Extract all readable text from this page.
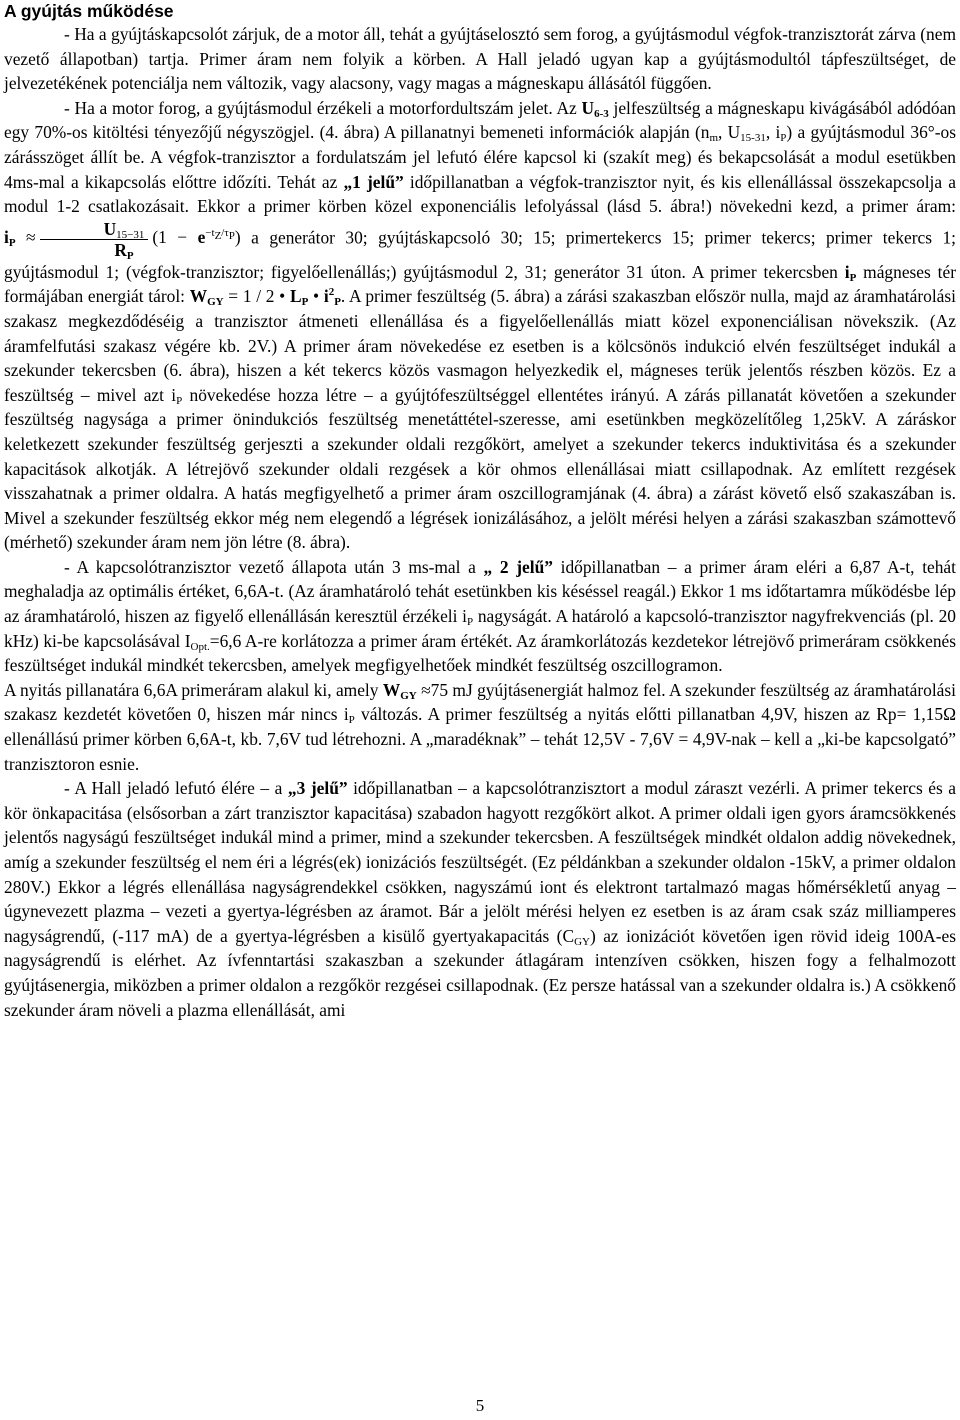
A gyújtás működése

- Ha a gyújtáskapcsolót zárjuk, de a motor áll, tehát a gyújtáselosztó sem forog, a gyújtásmodul végfok-tranzisztorát zárva (nem vezető állapotban) tartja. Primer áram nem folyik a körben. A Hall jeladó ugyan kap a gyújtásmodultól tápfeszültséget, de jelvezetékének potenciálja nem változik, vagy alacsony, vagy magas a mágneskapu állásától függően.

- Ha a motor forog, a gyújtásmodul érzékeli a motorfordultszám jelet. Az $U_{6-3}$ jelfeszültség a mágneskapu kivágásából adódóan egy 70%-os kitöltési tényezőjű négyszögjel. (4. ábra) A pillanatnyi bemeneti információk alapján ($n_m$, $U_{15-31}$, $i_P$) a gyújtásmodul 36°-os zárásszöget állít be. A végfok-tranzisztor a fordulatszám jel lefutó élére kapcsol ki (szakít meg) és bekapcsolását a modul esetükben 4ms-mal a kikapcsolás előttre időzíti. Tehát az „1 jelű” időpillanatban a végfok-tranzisztor nyit, és kis ellenállással összekapcsolja a modul 1-2 csatlakozásait. Ekkor a primer körben közel exponenciális lefolyással (lásd 5. ábra!) növekedni kezd, a primer áram: $i_P \approx \frac{U_{15-31}}{R_P} (1 - e^{-t_Z/\tau_P})$ a generátor 30; gyújtáskapcsoló 30; 15; primertekercs 15; primer tekercs; primer tekercs 1; gyújtásmodul 1; (végfok-tranzisztor; figyelőellenállás;) gyújtásmodul 2, 31; generátor 31 úton. A primer tekercsben $i_P$ mágneses tér formájában energiát tárol: $W_{GY} = 1 / 2$ • $L_P$ • $i^2_P$. A primer feszültség (5. ábra) a zárási szakaszban először nulla, majd az áramhatárolási szakasz megkezdődéséig a tranzisztor átmeneti ellenállása és a figyelőellenállás miatt közel exponenciálisan növekszik. (Az áramfelfutási szakasz végére kb. 2V.) A primer áram növekedése ez esetben is a kölcsönös indukció elvén feszültséget indukál a szekunder tekercsben (6. ábra), hiszen a két tekercs közös vasmagon helyezkedik el, mágneses terük jelentős részben közös. Ez a feszültség – mivel azt $i_P$ növekedése hozza létre – a gyújtófeszültséggel ellentétes irányú. A zárás pillanatát követően a szekunder feszültség nagysága a primer önindukciós feszültség menetáttétel-szeresse, ami esetünkben megközelítőleg 1,25kV. A záráskor keletkezett szekunder feszültség gerjeszti a szekunder oldali rezgőkört, amelyet a szekunder tekercs induktivitása és a szekunder kapacitások alkotják. A létrejövő szekunder oldali rezgések a kör ohmos ellenállásai miatt csillapodnak. Az említett rezgések visszahatnak a primer oldalra. A hatás megfigyelhető a primer áram oszcillogramjának (4. ábra) a zárást követő első szakaszában is. Mivel a szekunder feszültség ekkor még nem elegendő a légrések ionizálásához, a jelölt mérési helyen a zárási szakaszban számottevő (mérhető) szekunder áram nem jön létre (8. ábra).

- A kapcsolótranzisztor vezető állapota után 3 ms-mal a „ 2 jelű” időpillanatban – a primer áram eléri a 6,87 A-t, tehát meghaladja az optimális értéket, 6,6A-t. (Az áramhatároló tehát esetünkben kis késéssel reagál.) Ekkor 1 ms időtartamra működésbe lép az áramhatároló, hiszen az figyelő ellenállásán keresztül érzékeli $i_P$ nagyságát. A határoló a kapcsoló-tranzisztor nagyfrekvenciás (pl. 20 kHz) ki-be kapcsolásával $I_{Opt.}=6,6$ A-re korlátozza a primer áram értékét. Az áramkorlátozás kezdetekor létrejövő primeráram csökkenés feszültséget indukál mindkét tekercsben, amelyek megfigyelhetőek mindkét feszültség oszcillogramon.

A nyitás pillanatára 6,6A primeráram alakul ki, amely $W_{GY} \approx 75$ mJ gyújtásenergiát halmoz fel. A szekunder feszültség az áramhatárolási szakasz kezdetét követően 0, hiszen már nincs $i_P$ változás. A primer feszültség a nyitás előtti pillanatban 4,9V, hiszen az Rp= 1,15Ω ellenállású primer körben 6,6A-t, kb. 7,6V tud létrehozni. A „maradéknak” – tehát 12,5V - 7,6V = 4,9V-nak – kell a „ki-be kapcsolgató” tranzisztoron esnie.

- A Hall jeladó lefutó élére – a „3 jelű” időpillanatban – a kapcsolótranzisztort a modul záraszt vezérli. A primer tekercs és a kör önkapacitása (elsősorban a zárt tranzisztor kapacitása) szabadon hagyott rezgőkört alkot. A primer oldali igen gyors áramcsökkenés jelentős nagyságú feszültséget indukál mind a primer, mind a szekunder tekercsben. A feszültségek mindkét oldalon addig növekednek, amíg a szekunder feszültség el nem éri a légrés(ek) ionizációs feszültségét. (Ez példánkban a szekunder oldalon -15kV, a primer oldalon 280V.) Ekkor a légrés ellenállása nagyságrendekkel csökken, nagyszámú iont és elektront tartalmazó magas hőmérsékletű anyag – úgynevezett plazma – vezeti a gyertya-légrésben az áramot. Bár a jelölt mérési helyen ez esetben is az áram csak száz milliamperes nagyságrendű, (-117 mA) de a gyertya-légrésben a kisülő gyertyakapacitás $(C_{GY})$ az ionizációt követően igen rövid ideig 100A-es nagyságrendű is elérhet. Az ívfenntartási szakaszban a szekunder átlagáram intenzíven csökken, hiszen fogy a felhalmozott gyújtásenergia, miközben a primer oldalon a rezgőkör rezgései csillapodnak. (Ez persze hatással van a szekunder oldalra is.) A csökkenő szekunder áram növeli a plazma ellenállását, ami

5
